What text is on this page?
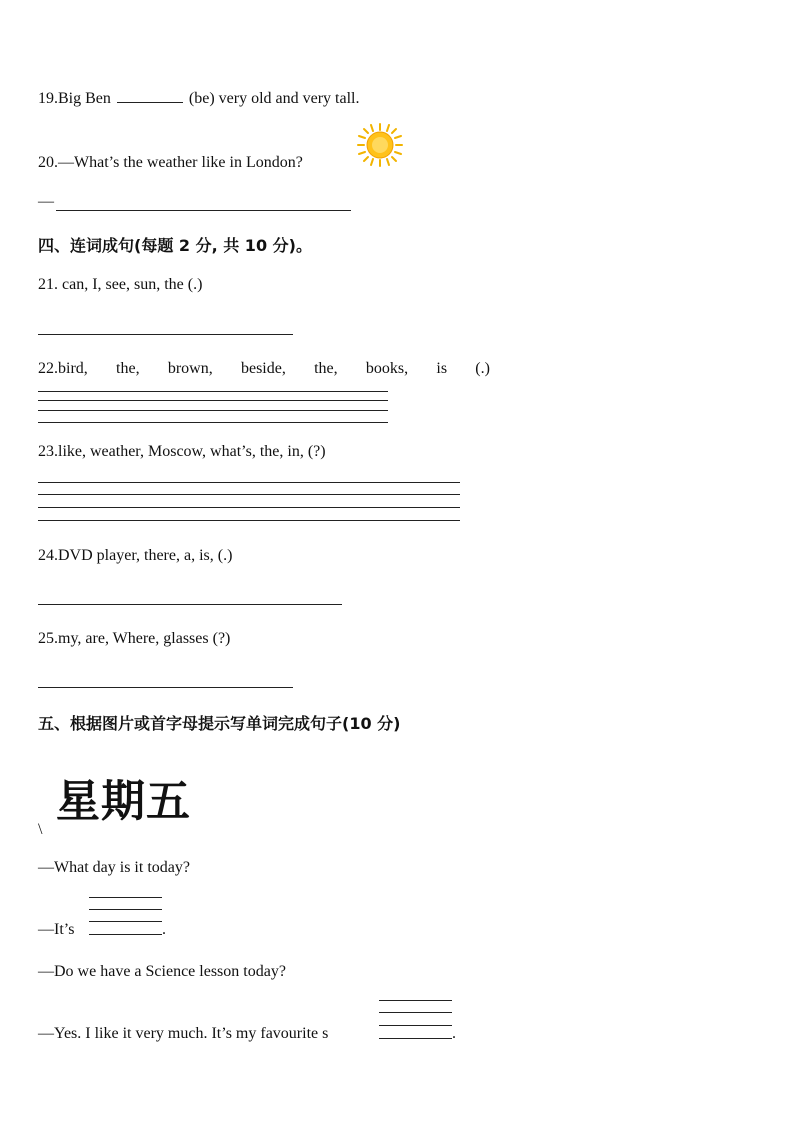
19.Big Ben	(be) very old and very tall.
20.—What’s the weather like in London?
—
四、连词成句(每题 2 分, 共 10 分)。
21. can, I, see, sun, the (.)
22.bird, the, brown, beside, the, books, is (.)
23.like, weather, Moscow, what’s, the, in, (?)
24.DVD player, there, a, is, (.)
25.my, are, Where, glasses (?)
五、根据图片或首字母提示写单词完成句子(10 分)
星期五
\
—What day is it today?
—It’s	.
—Do we have a Science lesson today?
—Yes. I like it very much. It’s my favourite s	.
